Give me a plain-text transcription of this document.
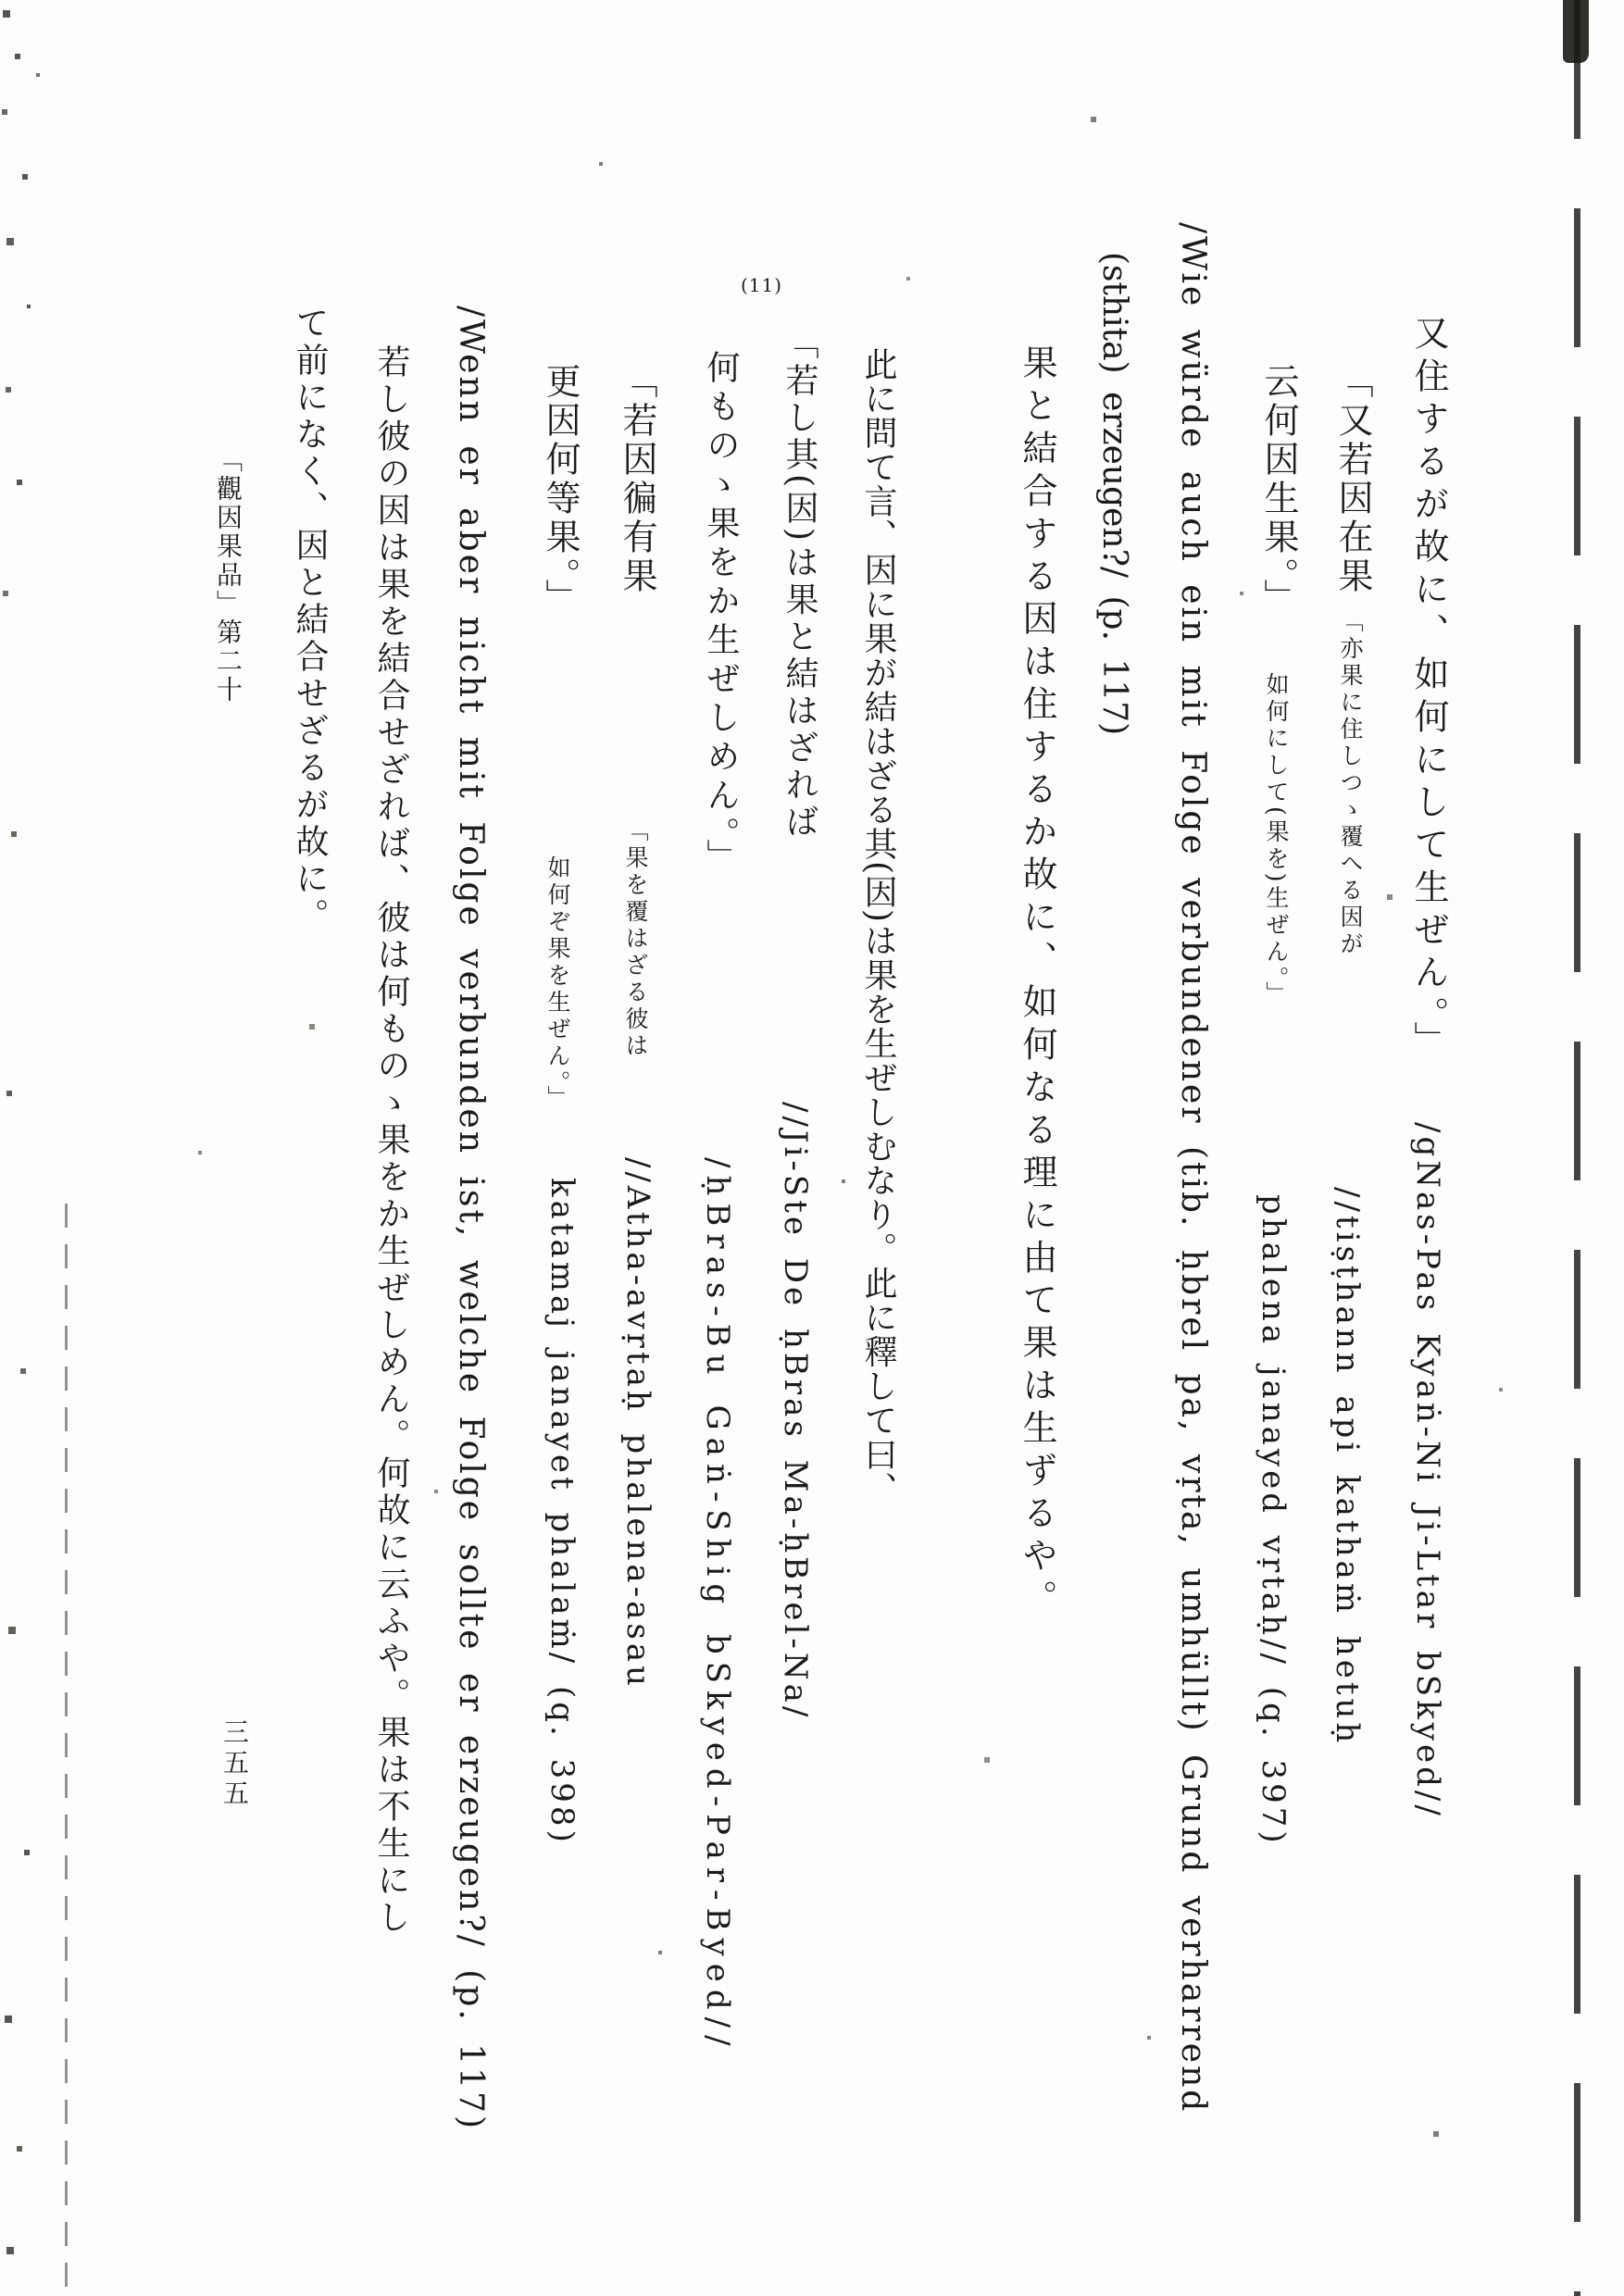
又住するが故に、如何にして生ぜん。」
「又若因在果
「亦果に住しつゝ覆へる因が
云何因生果。」
如何にして(果を)生ぜん。」
/gNas-Pas Kyaṅ-Ni Ji-Ltar bSkyed//
//tiṣṭhann api kathaṁ hetuḥ
phalena janayed vṛtaḥ// (q. 397)
/Wie würde auch ein mit Folge verbundener (tib. ḥbrel pa, vṛta, umhüllt) Grund verharrend
(sthita) erzeugen?/ (p. 117)
果と結合する因は住するか故に、如何なる理に由て果は生ずるや。
此に問て言、因に果が結はざる其(因)は果を生ぜしむなり。此に釋して曰、
(11)
「若し其(因)は果と結はざれば
//Ji-Ste De ḥBras Ma-ḥBrel-Na/
何ものゝ果をか生ぜしめん。」
/ḥBras-Bu Gaṅ-Shig bSkyed-Par-Byed//
「若因徧有果
「果を覆はざる彼は
//Atha-avṛtaḥ phalena-asau
更因何等果。」
如何ぞ果を生ぜん。」
katamaj janayet phalaṁ/ (q. 398)
/Wenn er aber nicht mit Folge verbunden ist, welche Folge sollte er erzeugen?/ (p. 117)
若し彼の因は果を結合せざれば、彼は何ものゝ果をか生ぜしめん。何故に云ふや。果は不生にし
て前になく、因と結合せざるが故に。
「觀因果品」第二十
三五五
